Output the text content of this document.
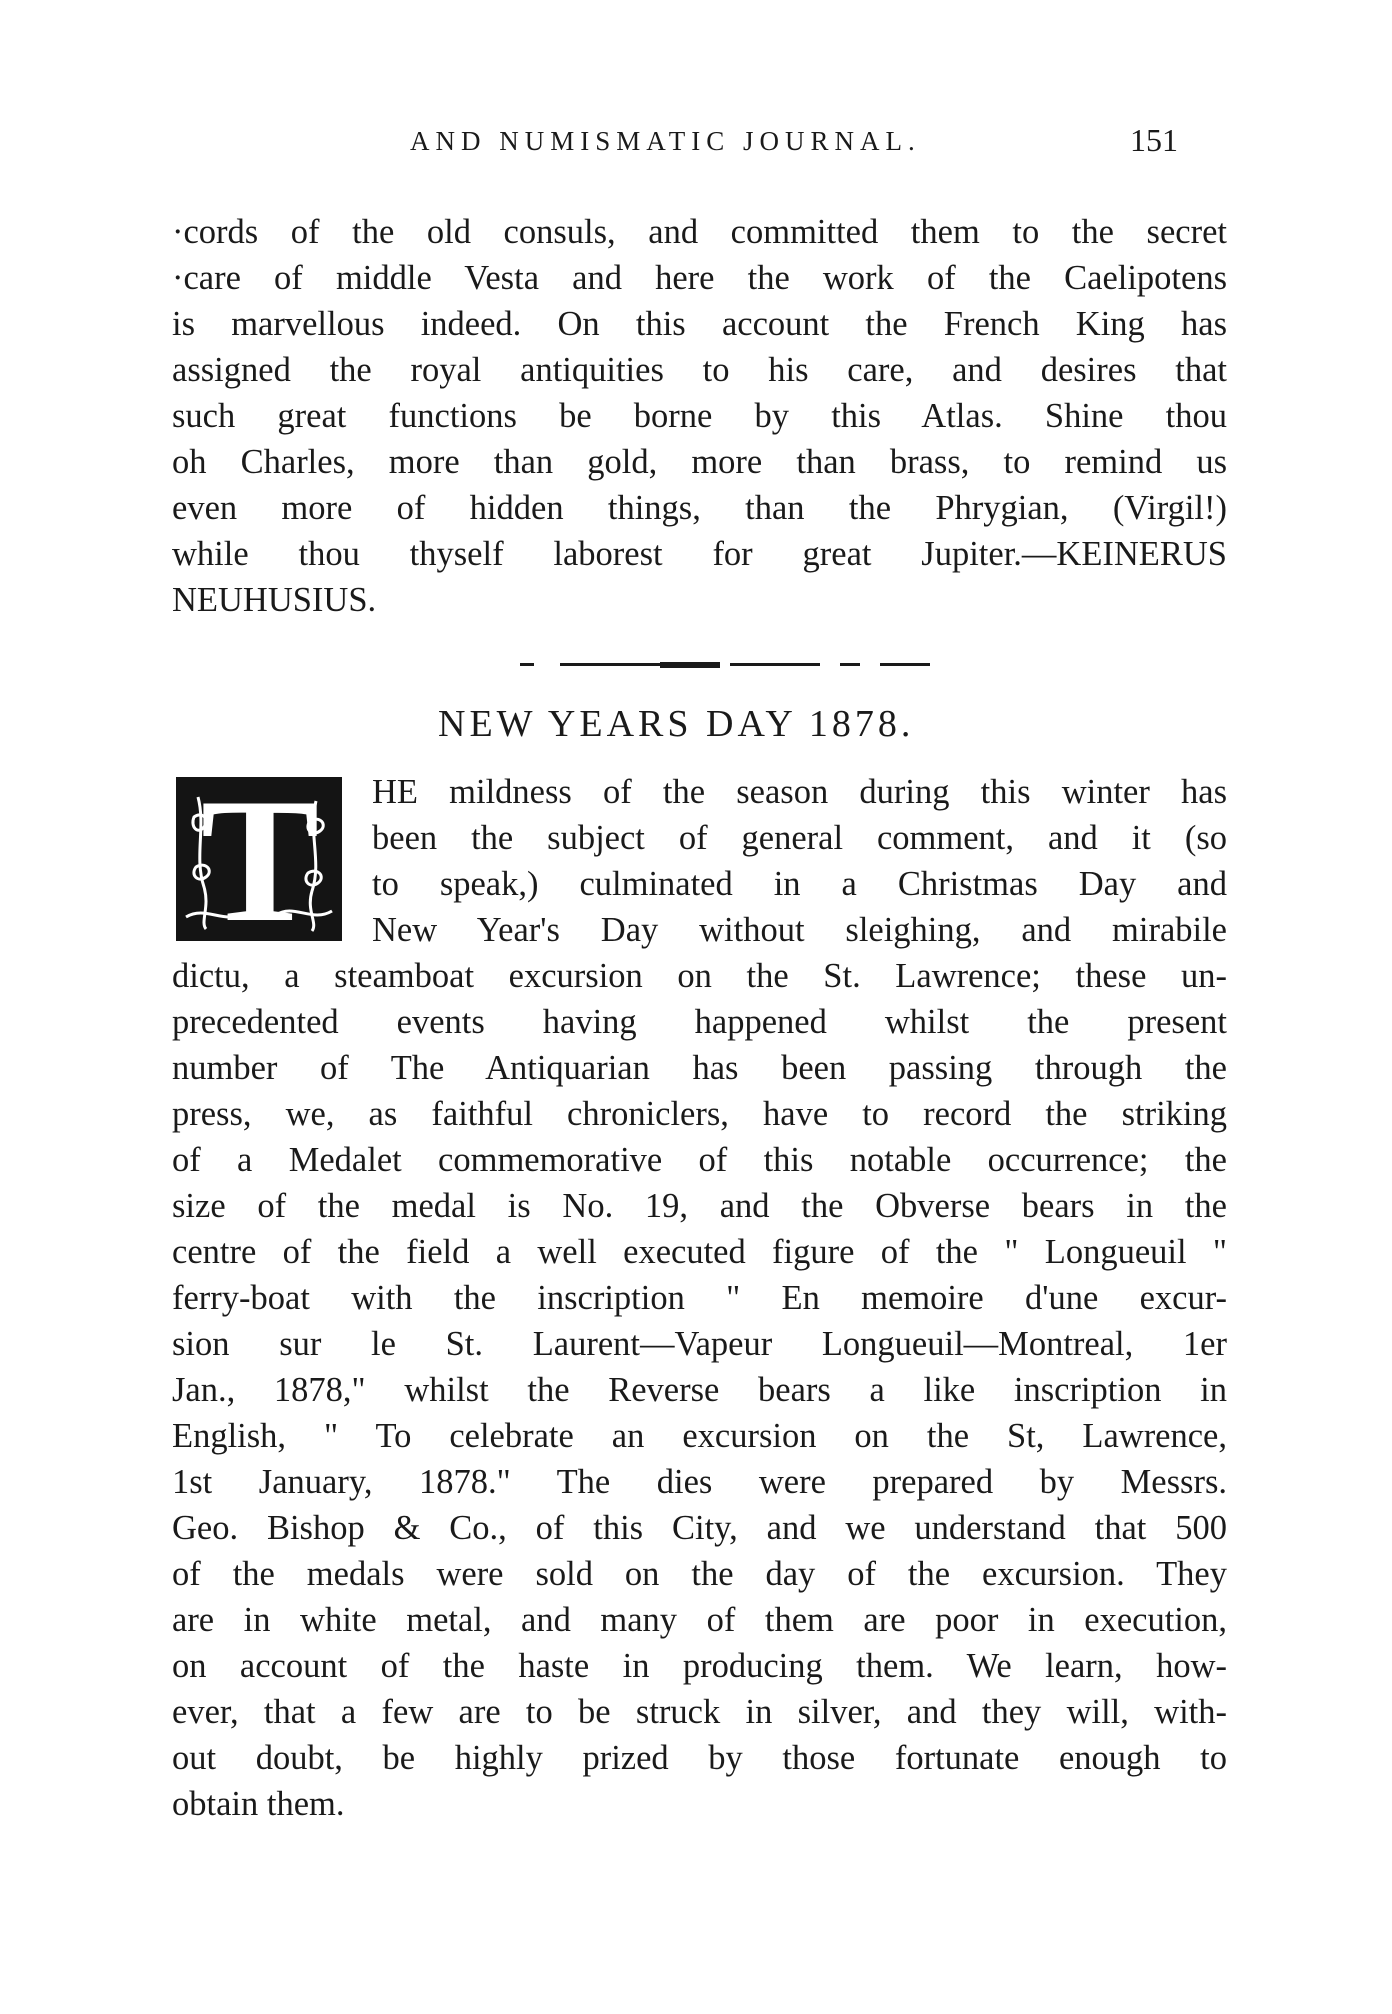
AND NUMISMATIC JOURNAL.	151
·cords of the old consuls, and committed them to the secret
·care of middle Vesta and here the work of the Caelipotens
is marvellous indeed. On this account the French King has
assigned the royal antiquities to his care, and desires that
such great functions be borne by this Atlas. Shine thou
oh Charles, more than gold, more than brass, to remind us
even more of hidden things, than the Phrygian, (Virgil!)
while thou thyself laborest for great Jupiter.—KEINERUS
NEUHUSIUS.
NEW YEARS DAY 1878.
T	HE mildness of the season during this winter has
been the subject of general comment, and it (so
to speak,) culminated in a Christmas Day and
New Year's Day without sleighing, and mirabile
dictu, a steamboat excursion on the St. Lawrence; these un-
precedented events having happened whilst the present
number of The Antiquarian has been passing through the
press, we, as faithful chroniclers, have to record the striking
of a Medalet commemorative of this notable occurrence; the
size of the medal is No. 19, and the Obverse bears in the
centre of the field a well executed figure of the " Longueuil "
ferry-boat with the inscription " En memoire d'une excur-
sion sur le St. Laurent—Vapeur Longueuil—Montreal, 1er
Jan., 1878," whilst the Reverse bears a like inscription in
English, " To celebrate an excursion on the St, Lawrence,
1st January, 1878." The dies were prepared by Messrs.
Geo. Bishop & Co., of this City, and we understand that 500
of the medals were sold on the day of the excursion. They
are in white metal, and many of them are poor in execution,
on account of the haste in producing them. We learn, how-
ever, that a few are to be struck in silver, and they will, with-
out doubt, be highly prized by those fortunate enough to
obtain them.
